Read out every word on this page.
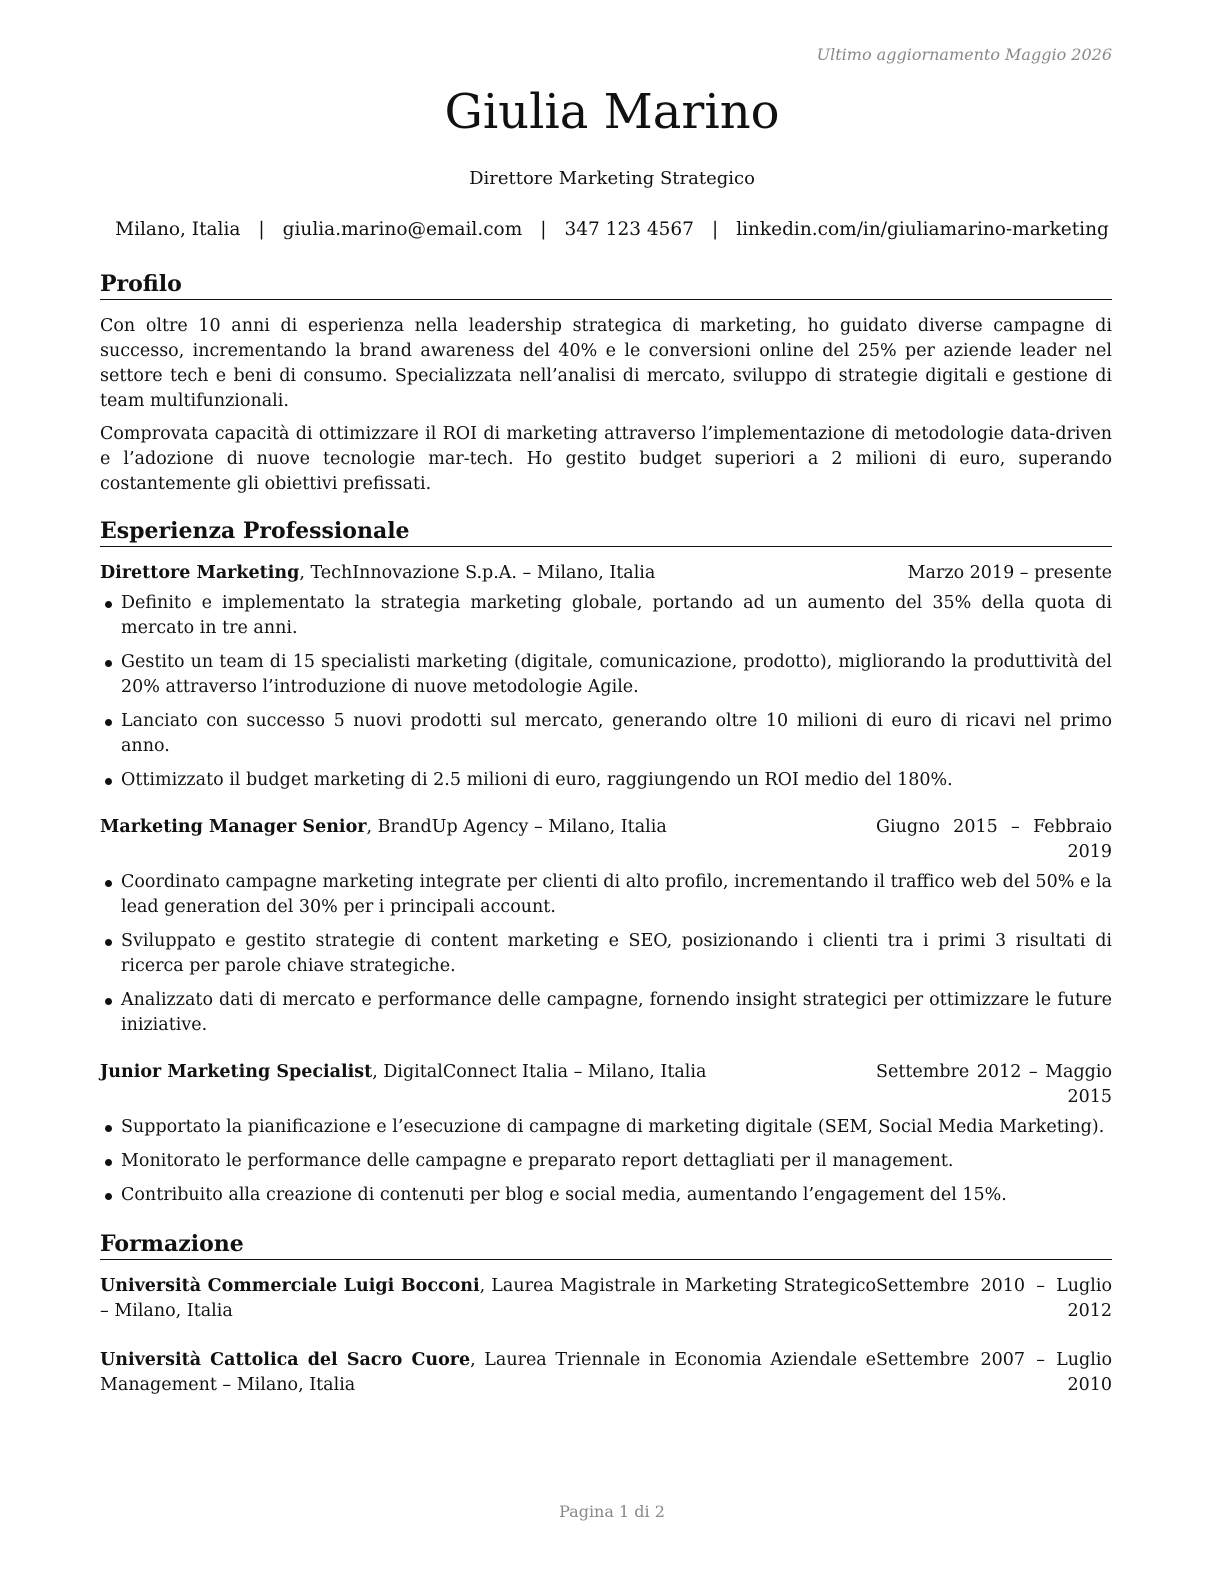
Ultimo aggiornamento Maggio 2026
Giulia Marino
Direttore Marketing Strategico
Milano, Italia | giulia.marino@email.com | 347 123 4567 | linkedin.com/in/giuliamarino-marketing
Profilo

Con oltre 10 anni di esperienza nella leadership strategica di marketing, ho guidato diverse campagne di successo, incrementando la brand awareness del 40% e le conversioni online del 25% per aziende leader nel settore tech e beni di consumo. Specializzata nell’analisi di mercato, sviluppo di strategie digitali e gestione di team multifunzionali.

Comprovata capacità di ottimizzare il ROI di marketing attraverso l’implementazione di metodologie data-driven e l’adozione di nuove tecnologie mar-tech. Ho gestito budget superiori a 2 milioni di euro, superando costantemente gli obiettivi prefissati.

Esperienza Professionale
Direttore Marketing, TechInnovazione S.p.A. – Milano, Italia	Marzo 2019 – presente
Definito e implementato la strategia marketing globale, portando ad un aumento del 35% della quota di mercato in tre anni.
Gestito un team di 15 specialisti marketing (digitale, comunicazione, prodotto), migliorando la produttività del 20% attraverso l’introduzione di nuove metodologie Agile.
Lanciato con successo 5 nuovi prodotti sul mercato, generando oltre 10 milioni di euro di ricavi nel primo anno.
Ottimizzato il budget marketing di 2.5 milioni di euro, raggiungendo un ROI medio del 180%.
Marketing Manager Senior, BrandUp Agency – Milano, Italia	Giugno 2015 – Febbraio 2019
Coordinato campagne marketing integrate per clienti di alto profilo, incrementando il traffico web del 50% e la lead generation del 30% per i principali account.
Sviluppato e gestito strategie di content marketing e SEO, posizionando i clienti tra i primi 3 risultati di ricerca per parole chiave strategiche.
Analizzato dati di mercato e performance delle campagne, fornendo insight strategici per ottimizzare le future iniziative.
Junior Marketing Specialist, DigitalConnect Italia – Milano, Italia	Settembre 2012 – Maggio 2015
Supportato la pianificazione e l’esecuzione di campagne di marketing digitale (SEM, Social Media Marketing).
Monitorato le performance delle campagne e preparato report dettagliati per il management.
Contribuito alla creazione di contenuti per blog e social media, aumentando l’engagement del 15%.
Formazione
Università Commerciale Luigi Bocconi, Laurea Magistrale in Marketing Strategico – Milano, Italia
Settembre 2010 – Luglio 2012
Università Cattolica del Sacro Cuore, Laurea Triennale in Economia Aziendale e Management – Milano, Italia
Settembre 2007 – Luglio 2010
Pagina 1 di 2
